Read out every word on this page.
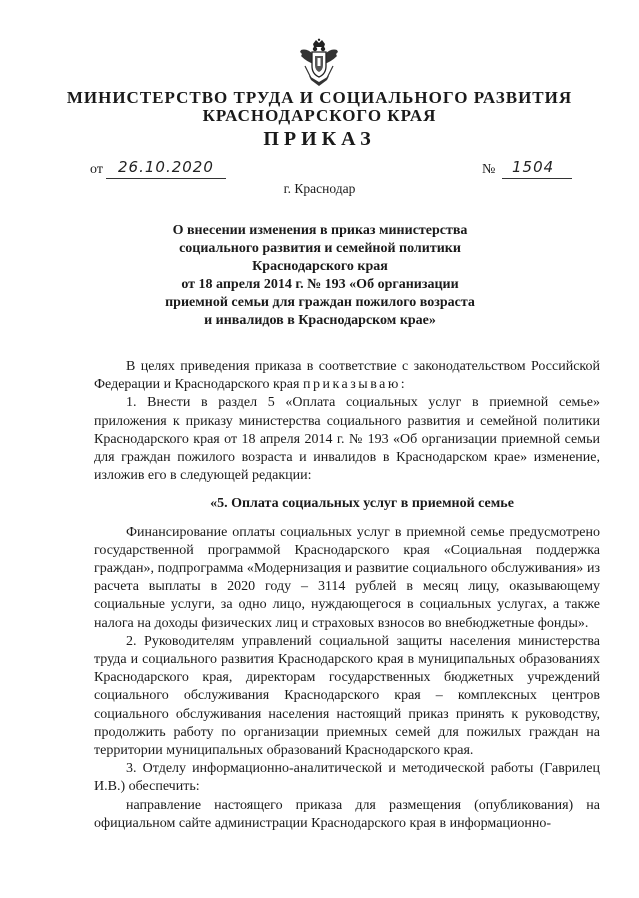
МИНИСТЕРСТВО ТРУДА И СОЦИАЛЬНОГО РАЗВИТИЯ
КРАСНОДАРСКОГО КРАЯ
ПРИКАЗ
от 26.10.2020	№ 1504
г. Краснодар
О внесении изменения в приказ министерства
социального развития и семейной политики
Краснодарского края
от 18 апреля 2014 г. № 193 «Об организации
приемной семьи для граждан пожилого возраста
и инвалидов в Краснодарском крае»

В целях приведения приказа в соответствие с законодательством Российской Федерации и Краснодарского края приказываю:

1. Внести в раздел 5 «Оплата социальных услуг в приемной семье» приложения к приказу министерства социального развития и семейной политики Краснодарского края от 18 апреля 2014 г. № 193 «Об организации приемной семьи для граждан пожилого возраста и инвалидов в Краснодарском крае» изменение, изложив его в следующей редакции:

«5. Оплата социальных услуг в приемной семье

Финансирование оплаты социальных услуг в приемной семье предусмотрено государственной программой Краснодарского края «Социальная поддержка граждан», подпрограмма «Модернизация и развитие социального обслуживания» из расчета выплаты в 2020 году – 3114 рублей в месяц лицу, оказывающему социальные услуги, за одно лицо, нуждающегося в социальных услугах, а также налога на доходы физических лиц и страховых взносов во внебюджетные фонды».

2. Руководителям управлений социальной защиты населения министерства труда и социального развития Краснодарского края в муниципальных образованиях Краснодарского края, директорам государственных бюджетных учреждений социального обслуживания Краснодарского края – комплексных центров социального обслуживания населения настоящий приказ принять к руководству, продолжить работу по организации приемных семей для пожилых граждан на территории муниципальных образований Краснодарского края.

3. Отделу информационно-аналитической и методической работы (Гаврилец И.В.) обеспечить:

направление настоящего приказа для размещения (опубликования) на официальном сайте администрации Краснодарского края в информационно-
